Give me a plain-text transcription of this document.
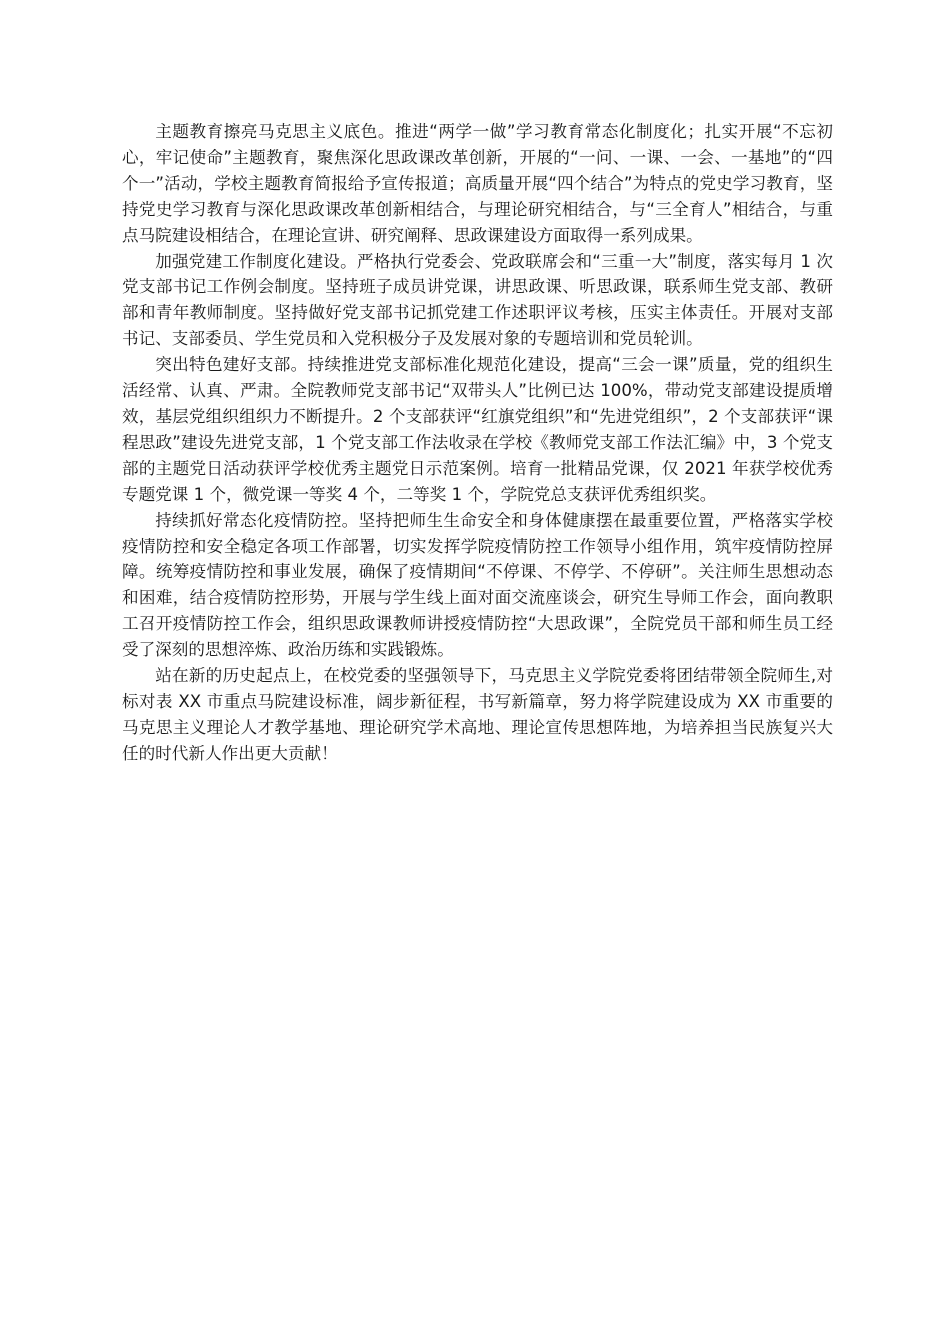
主题教育擦亮马克思主义底色。推进“两学一做”学习教育常态化制度化；扎实开展“不忘初心，牢记使命”主题教育，聚焦深化思政课改革创新，开展的“一问、一课、一会、一基地”的“四个一”活动，学校主题教育简报给予宣传报道；高质量开展“四个结合”为特点的党史学习教育，坚持党史学习教育与深化思政课改革创新相结合，与理论研究相结合，与“三全育人”相结合，与重点马院建设相结合，在理论宣讲、研究阐释、思政课建设方面取得一系列成果。

加强党建工作制度化建设。严格执行党委会、党政联席会和“三重一大”制度，落实每月 1 次党支部书记工作例会制度。坚持班子成员讲党课，讲思政课、听思政课，联系师生党支部、教研部和青年教师制度。坚持做好党支部书记抓党建工作述职评议考核，压实主体责任。开展对支部书记、支部委员、学生党员和入党积极分子及发展对象的专题培训和党员轮训。

突出特色建好支部。持续推进党支部标准化规范化建设，提高“三会一课”质量，党的组织生活经常、认真、严肃。全院教师党支部书记“双带头人”比例已达 100%，带动党支部建设提质增效，基层党组织组织力不断提升。2 个支部获评“红旗党组织”和“先进党组织”，2 个支部获评“课程思政”建设先进党支部，1 个党支部工作法收录在学校《教师党支部工作法汇编》中，3 个党支部的主题党日活动获评学校优秀主题党日示范案例。培育一批精品党课，仅 2021 年获学校优秀专题党课 1 个，微党课一等奖 4 个，二等奖 1 个，学院党总支获评优秀组织奖。

持续抓好常态化疫情防控。坚持把师生生命安全和身体健康摆在最重要位置，严格落实学校疫情防控和安全稳定各项工作部署，切实发挥学院疫情防控工作领导小组作用，筑牢疫情防控屏障。统筹疫情防控和事业发展，确保了疫情期间“不停课、不停学、不停研”。关注师生思想动态和困难，结合疫情防控形势，开展与学生线上面对面交流座谈会，研究生导师工作会，面向教职工召开疫情防控工作会，组织思政课教师讲授疫情防控“大思政课”，全院党员干部和师生员工经受了深刻的思想淬炼、政治历练和实践锻炼。

站在新的历史起点上，在校党委的坚强领导下，马克思主义学院党委将团结带领全院师生,对标对表 XX 市重点马院建设标准，阔步新征程，书写新篇章，努力将学院建设成为 XX 市重要的马克思主义理论人才教学基地、理论研究学术高地、理论宣传思想阵地，为培养担当民族复兴大任的时代新人作出更大贡献！
